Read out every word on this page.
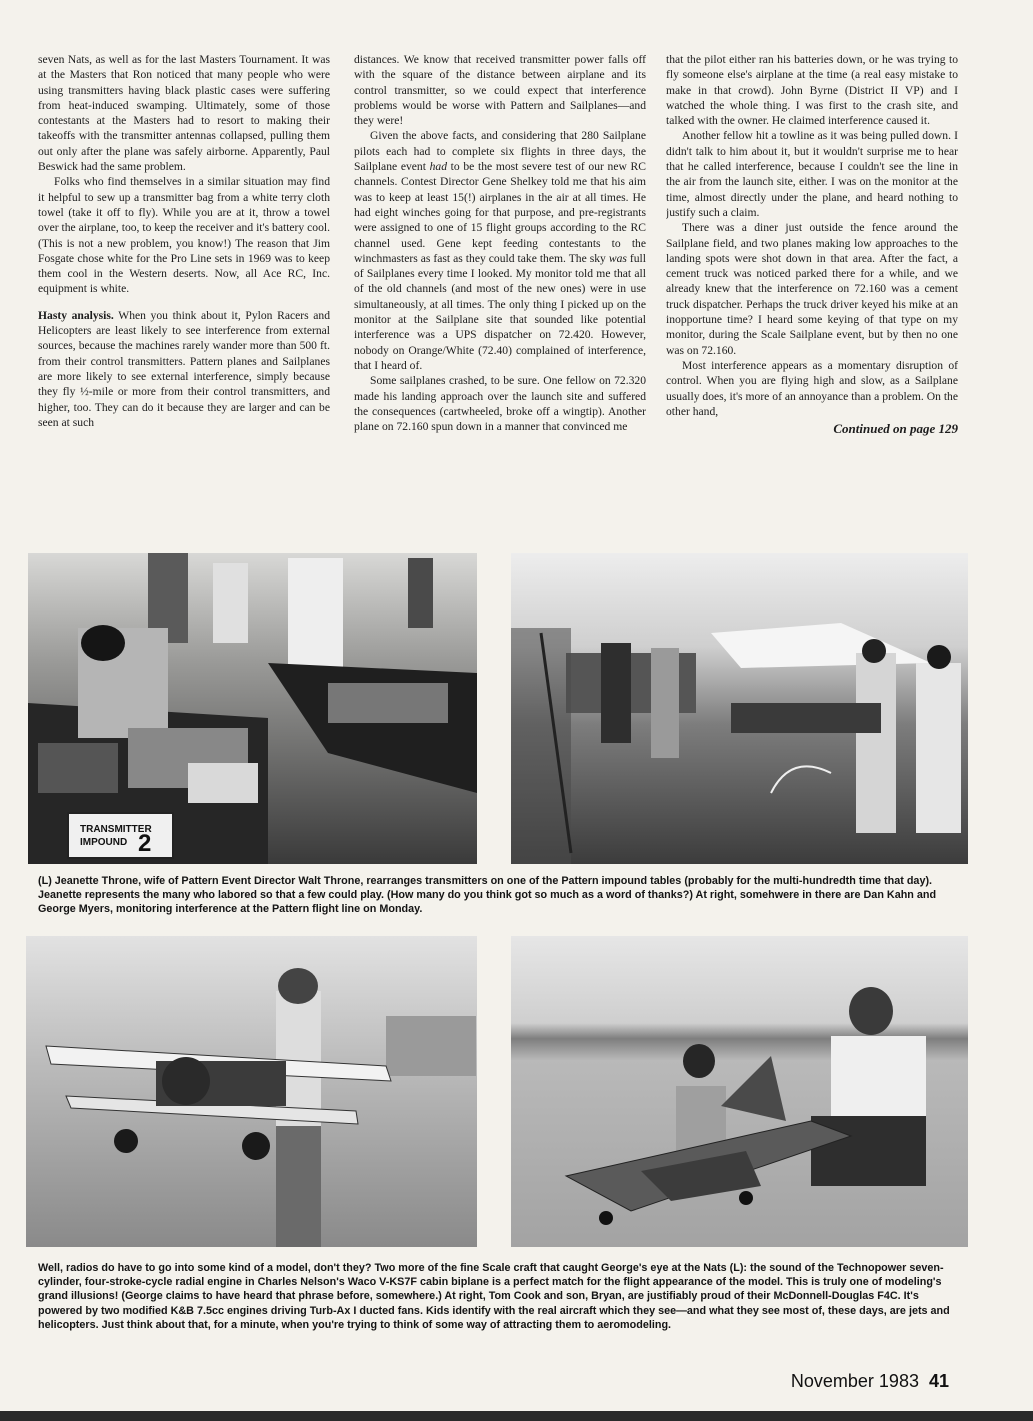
seven Nats, as well as for the last Masters Tournament. It was at the Masters that Ron noticed that many people who were using transmitters having black plastic cases were suffering from heat-induced swamping. Ultimately, some of those contestants at the Masters had to resort to making their takeoffs with the transmitter antennas collapsed, pulling them out only after the plane was safely airborne. Apparently, Paul Beswick had the same problem.

Folks who find themselves in a similar situation may find it helpful to sew up a transmitter bag from a white terry cloth towel (take it off to fly). While you are at it, throw a towel over the airplane, too, to keep the receiver and it's battery cool. (This is not a new problem, you know!) The reason that Jim Fosgate chose white for the Pro Line sets in 1969 was to keep them cool in the Western deserts. Now, all Ace RC, Inc. equipment is white.

Hasty analysis. When you think about it, Pylon Racers and Helicopters are least likely to see interference from external sources, because the machines rarely wander more than 500 ft. from their control transmitters. Pattern planes and Sailplanes are more likely to see external interference, simply because they fly ½-mile or more from their control transmitters, and higher, too. They can do it because they are larger and can be seen at such

distances. We know that received transmitter power falls off with the square of the distance between airplane and its control transmitter, so we could expect that interference problems would be worse with Pattern and Sailplanes—and they were!

Given the above facts, and considering that 280 Sailplane pilots each had to complete six flights in three days, the Sailplane event had to be the most severe test of our new RC channels. Contest Director Gene Shelkey told me that his aim was to keep at least 15(!) airplanes in the air at all times. He had eight winches going for that purpose, and pre-registrants were assigned to one of 15 flight groups according to the RC channel used. Gene kept feeding contestants to the winchmasters as fast as they could take them. The sky was full of Sailplanes every time I looked. My monitor told me that all of the old channels (and most of the new ones) were in use simultaneously, at all times. The only thing I picked up on the monitor at the Sailplane site that sounded like potential interference was a UPS dispatcher on 72.420. However, nobody on Orange/White (72.40) complained of interference, that I heard of.

Some sailplanes crashed, to be sure. One fellow on 72.320 made his landing approach over the launch site and suffered the consequences (cartwheeled, broke off a wingtip). Another plane on 72.160 spun down in a manner that convinced me

that the pilot either ran his batteries down, or he was trying to fly someone else's airplane at the time (a real easy mistake to make in that crowd). John Byrne (District II VP) and I watched the whole thing. I was first to the crash site, and talked with the owner. He claimed interference caused it.

Another fellow hit a towline as it was being pulled down. I didn't talk to him about it, but it wouldn't surprise me to hear that he called interference, because I couldn't see the line in the air from the launch site, either. I was on the monitor at the time, almost directly under the plane, and heard nothing to justify such a claim.

There was a diner just outside the fence around the Sailplane field, and two planes making low approaches to the landing spots were shot down in that area. After the fact, a cement truck was noticed parked there for a while, and we already knew that the interference on 72.160 was a cement truck dispatcher. Perhaps the truck driver keyed his mike at an inopportune time? I heard some keying of that type on my monitor, during the Scale Sailplane event, but by then no one was on 72.160.

Most interference appears as a momentary disruption of control. When you are flying high and slow, as a Sailplane usually does, it's more of an annoyance than a problem. On the other hand,

Continued on page 129
TRANSMITTER
IMPOUND 2
(L) Jeanette Throne, wife of Pattern Event Director Walt Throne, rearranges transmitters on one of the Pattern impound tables (probably for the multi-hundredth time that day). Jeanette represents the many who labored so that a few could play. (How many do you think got so much as a word of thanks?) At right, somehwere in there are Dan Kahn and George Myers, monitoring interference at the Pattern flight line on Monday.
Well, radios do have to go into some kind of a model, don't they? Two more of the fine Scale craft that caught George's eye at the Nats (L): the sound of the Technopower seven-cylinder, four-stroke-cycle radial engine in Charles Nelson's Waco V-KS7F cabin biplane is a perfect match for the flight appearance of the model. This is truly one of modeling's grand illusions! (George claims to have heard that phrase before, somewhere.) At right, Tom Cook and son, Bryan, are justifiably proud of their McDonnell-Douglas F4C. It's powered by two modified K&B 7.5cc engines driving Turb-Ax I ducted fans. Kids identify with the real aircraft which they see—and what they see most of, these days, are jets and helicopters. Just think about that, for a minute, when you're trying to think of some way of attracting them to aeromodeling.
November 1983 41
